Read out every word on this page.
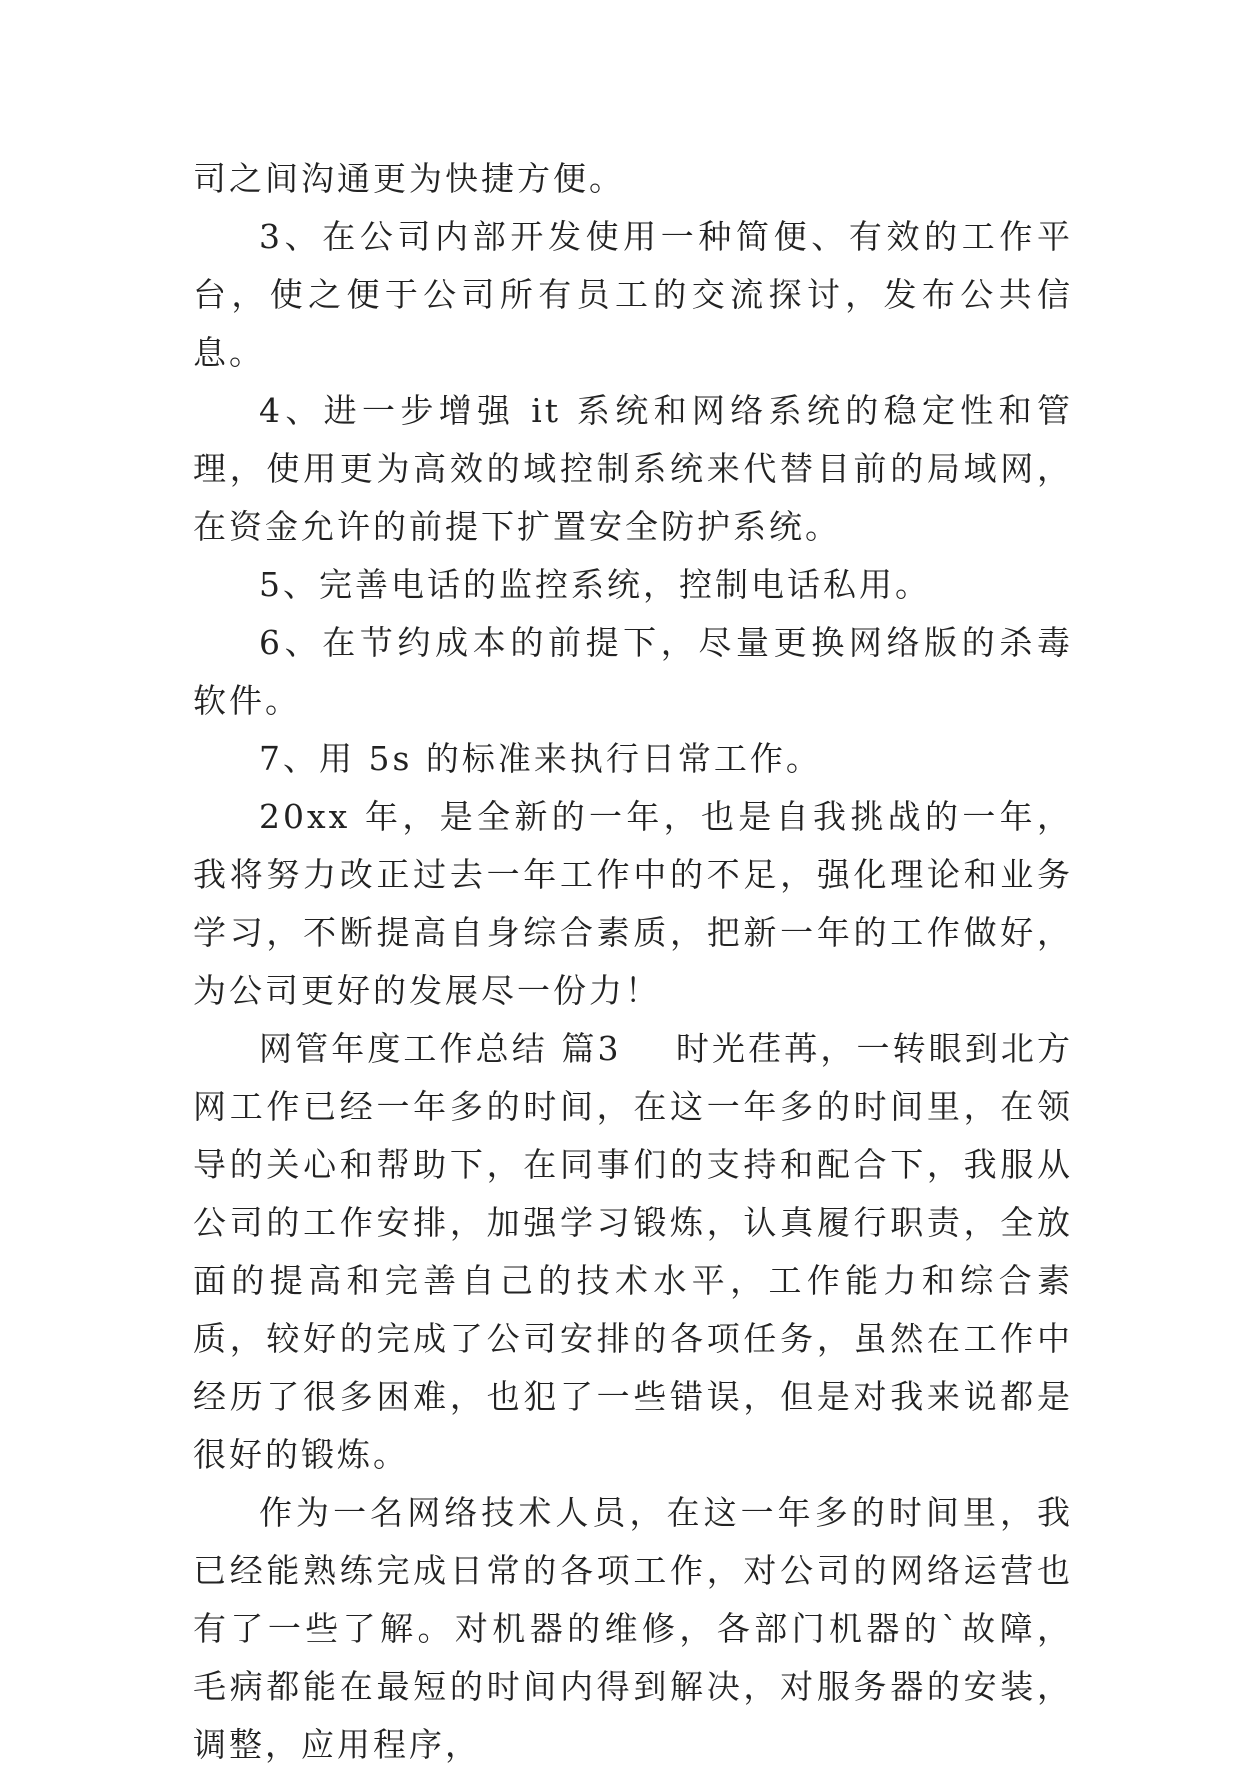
司之间沟通更为快捷方便。

3、在公司内部开发使用一种简便、有效的工作平台，使之便于公司所有员工的交流探讨，发布公共信息。

4、进一步增强 it 系统和网络系统的稳定性和管理，使用更为高效的域控制系统来代替目前的局域网，在资金允许的前提下扩置安全防护系统。

5、完善电话的监控系统，控制电话私用。

6、在节约成本的前提下，尽量更换网络版的杀毒软件。

7、用 5s 的标准来执行日常工作。

20xx 年，是全新的一年，也是自我挑战的一年，我将努力改正过去一年工作中的不足，强化理论和业务学习，不断提高自身综合素质，把新一年的工作做好，为公司更好的发展尽一份力！

网管年度工作总结 篇3    时光荏苒，一转眼到北方网工作已经一年多的时间，在这一年多的时间里，在领导的关心和帮助下，在同事们的支持和配合下，我服从公司的工作安排，加强学习锻炼，认真履行职责，全放面的提高和完善自己的技术水平，工作能力和综合素质，较好的完成了公司安排的各项任务，虽然在工作中经历了很多困难，也犯了一些错误，但是对我来说都是很好的锻炼。

作为一名网络技术人员，在这一年多的时间里，我已经能熟练完成日常的各项工作，对公司的网络运营也有了一些了解。对机器的维修，各部门机器的`故障，毛病都能在最短的时间内得到解决，对服务器的安装，调整，应用程序，
